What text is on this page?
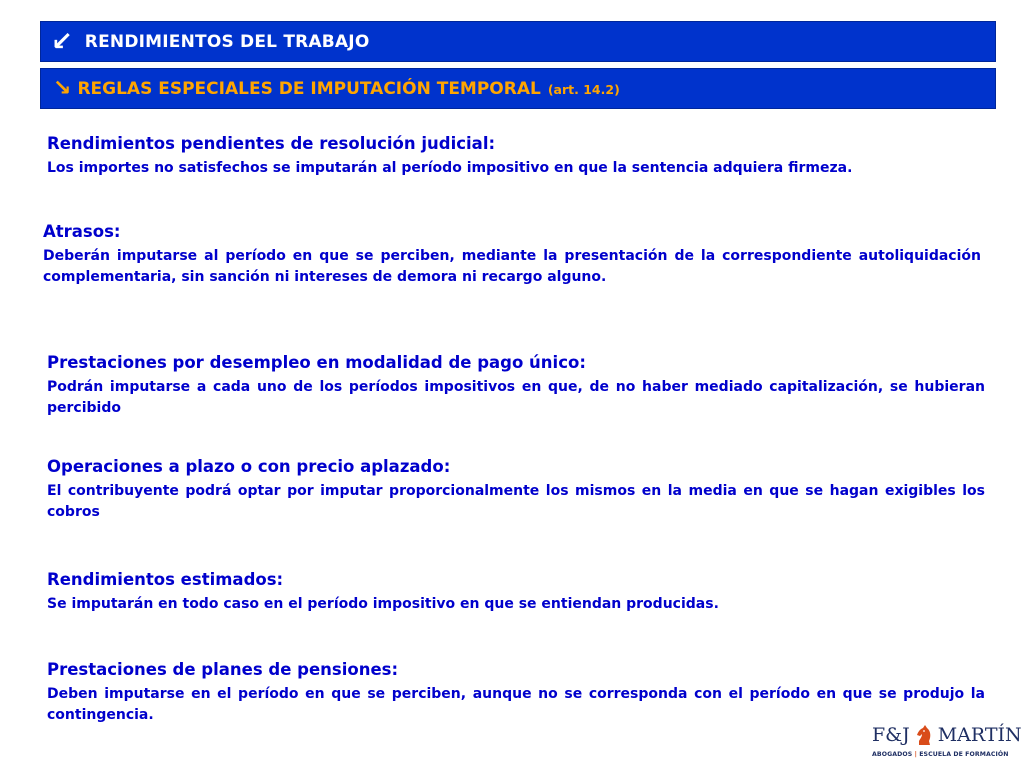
↙ RENDIMIENTOS DEL TRABAJO
↘ REGLAS ESPECIALES DE IMPUTACIÓN TEMPORAL (art. 14.2)
Rendimientos pendientes de resolución judicial:

Los importes no satisfechos se imputarán al período impositivo en que la sentencia adquiera firmeza.

Atrasos:

Deberán imputarse al período en que se perciben, mediante la presentación de la correspondiente autoliquidación complementaria, sin sanción ni intereses de demora ni recargo alguno.

Prestaciones por desempleo en modalidad de pago único:

Podrán imputarse a cada uno de los períodos impositivos en que, de no haber mediado capitalización, se hubieran percibido

Operaciones a plazo o con precio aplazado:

El contribuyente podrá optar por imputar proporcionalmente los mismos en la media en que se hagan exigibles los cobros

Rendimientos estimados:

Se imputarán en todo caso en el período impositivo en que se entiendan producidas.

Prestaciones de planes de pensiones:

Deben imputarse en el período en que se perciben, aunque no se corresponda con el período en que se produjo la contingencia.

F&J MARTÍN
ABOGADOS | ESCUELA DE FORMACIÓN
